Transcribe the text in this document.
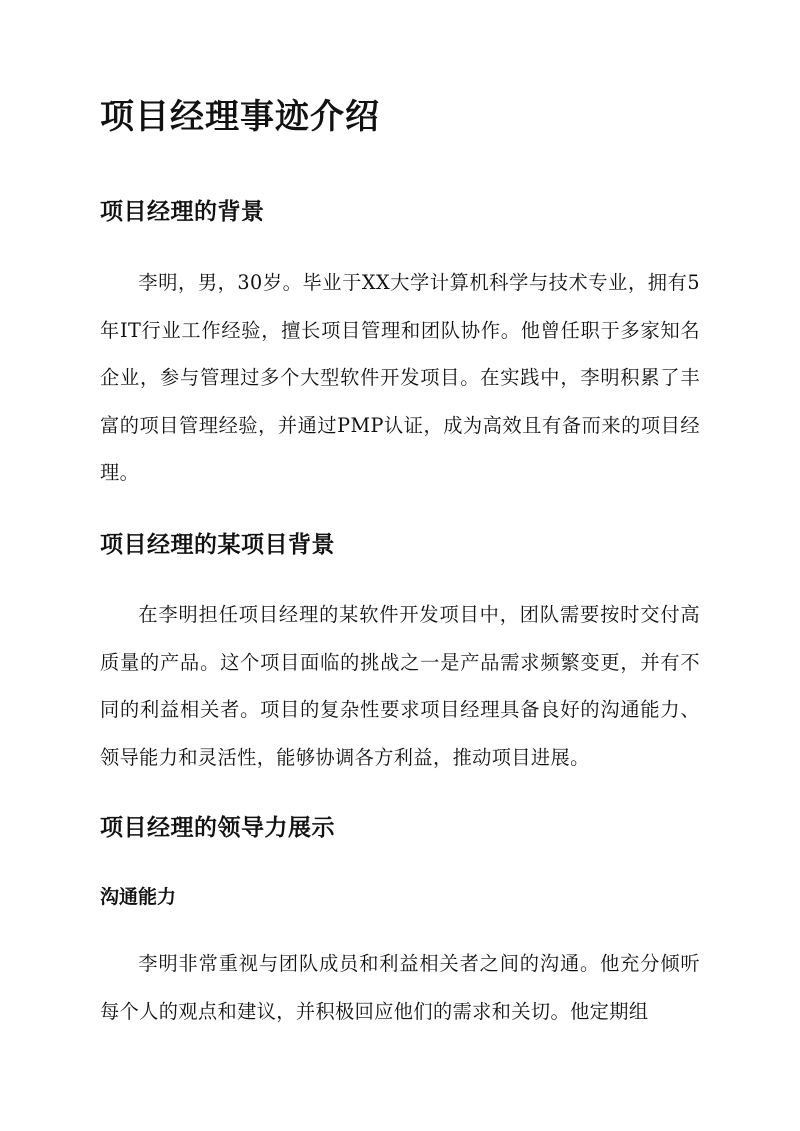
项目经理事迹介绍
项目经理的背景

李明，男，30岁。毕业于XX大学计算机科学与技术专业，拥有5年IT行业工作经验，擅长项目管理和团队协作。他曾任职于多家知名企业，参与管理过多个大型软件开发项目。在实践中，李明积累了丰富的项目管理经验，并通过PMP认证，成为高效且有备而来的项目经理。

项目经理的某项目背景

在李明担任项目经理的某软件开发项目中，团队需要按时交付高质量的产品。这个项目面临的挑战之一是产品需求频繁变更，并有不同的利益相关者。项目的复杂性要求项目经理具备良好的沟通能力、领导能力和灵活性，能够协调各方利益，推动项目进展。

项目经理的领导力展示
沟通能力

李明非常重视与团队成员和利益相关者之间的沟通。他充分倾听每个人的观点和建议，并积极回应他们的需求和关切。他定期组
